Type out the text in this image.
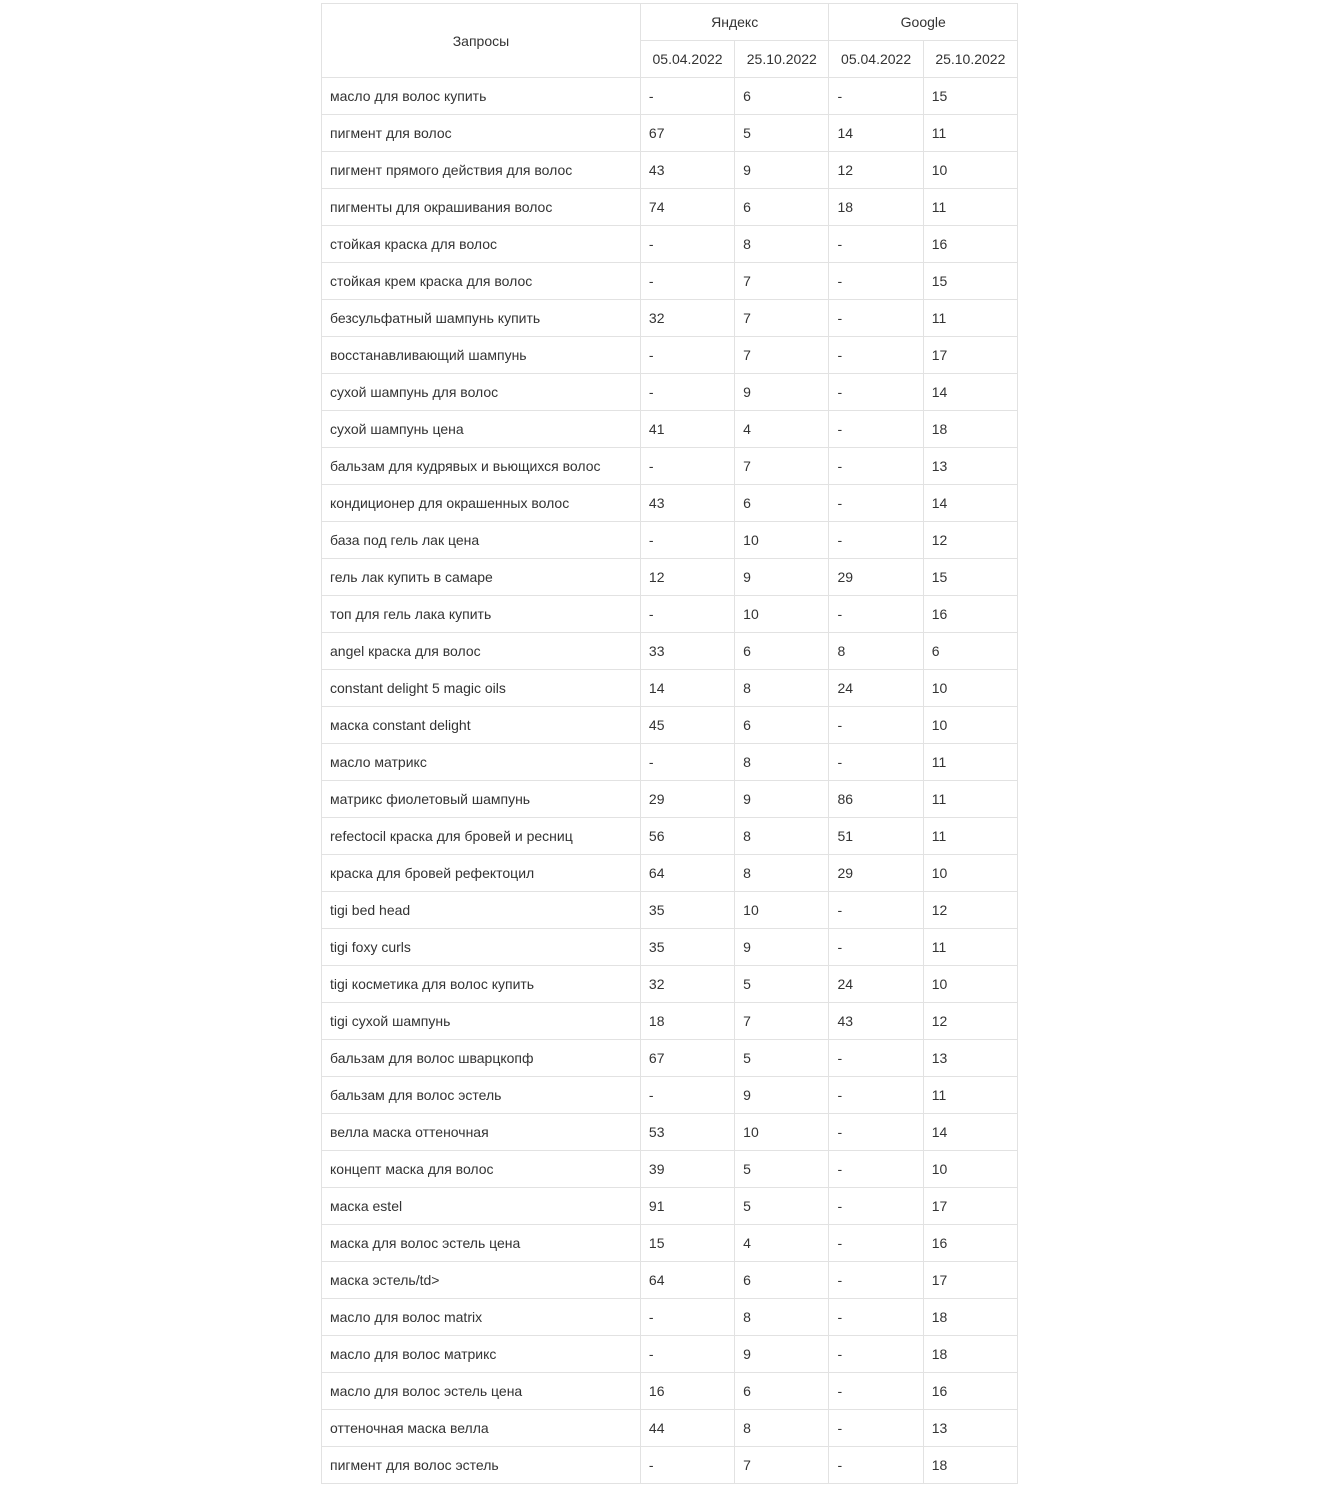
Запросы	Яндекс		Google	
	05.04.2022	25.10.2022	05.04.2022	25.10.2022
масло для волос купить	-	6	-	15
пигмент для волос	67	5	14	11
пигмент прямого действия для волос	43	9	12	10
пигменты для окрашивания волос	74	6	18	11
стойкая краска для волос	-	8	-	16
стойкая крем краска для волос	-	7	-	15
безсульфатный шампунь купить	32	7	-	11
восстанавливающий шампунь	-	7	-	17
сухой шампунь для волос	-	9	-	14
сухой шампунь цена	41	4	-	18
бальзам для кудрявых и вьющихся волос	-	7	-	13
кондиционер для окрашенных волос	43	6	-	14
база под гель лак цена	-	10	-	12
гель лак купить в самаре	12	9	29	15
топ для гель лака купить	-	10	-	16
angel краска для волос	33	6	8	6
constant delight 5 magic oils	14	8	24	10
маска constant delight	45	6	-	10
масло матрикс	-	8	-	11
матрикс фиолетовый шампунь	29	9	86	11
refectocil краска для бровей и ресниц	56	8	51	11
краска для бровей рефектоцил	64	8	29	10
tigi bed head	35	10	-	12
tigi foxy curls	35	9	-	11
tigi косметика для волос купить	32	5	24	10
tigi сухой шампунь	18	7	43	12
бальзам для волос шварцкопф	67	5	-	13
бальзам для волос эстель	-	9	-	11
велла маска оттеночная	53	10	-	14
концепт маска для волос	39	5	-	10
маска estel	91	5	-	17
маска для волос эстель цена	15	4	-	16
маска эстель/td>	64	6	-	17
масло для волос matrix	-	8	-	18
масло для волос матрикс	-	9	-	18
масло для волос эстель цена	16	6	-	16
оттеночная маска велла	44	8	-	13
пигмент для волос эстель	-	7	-	18
